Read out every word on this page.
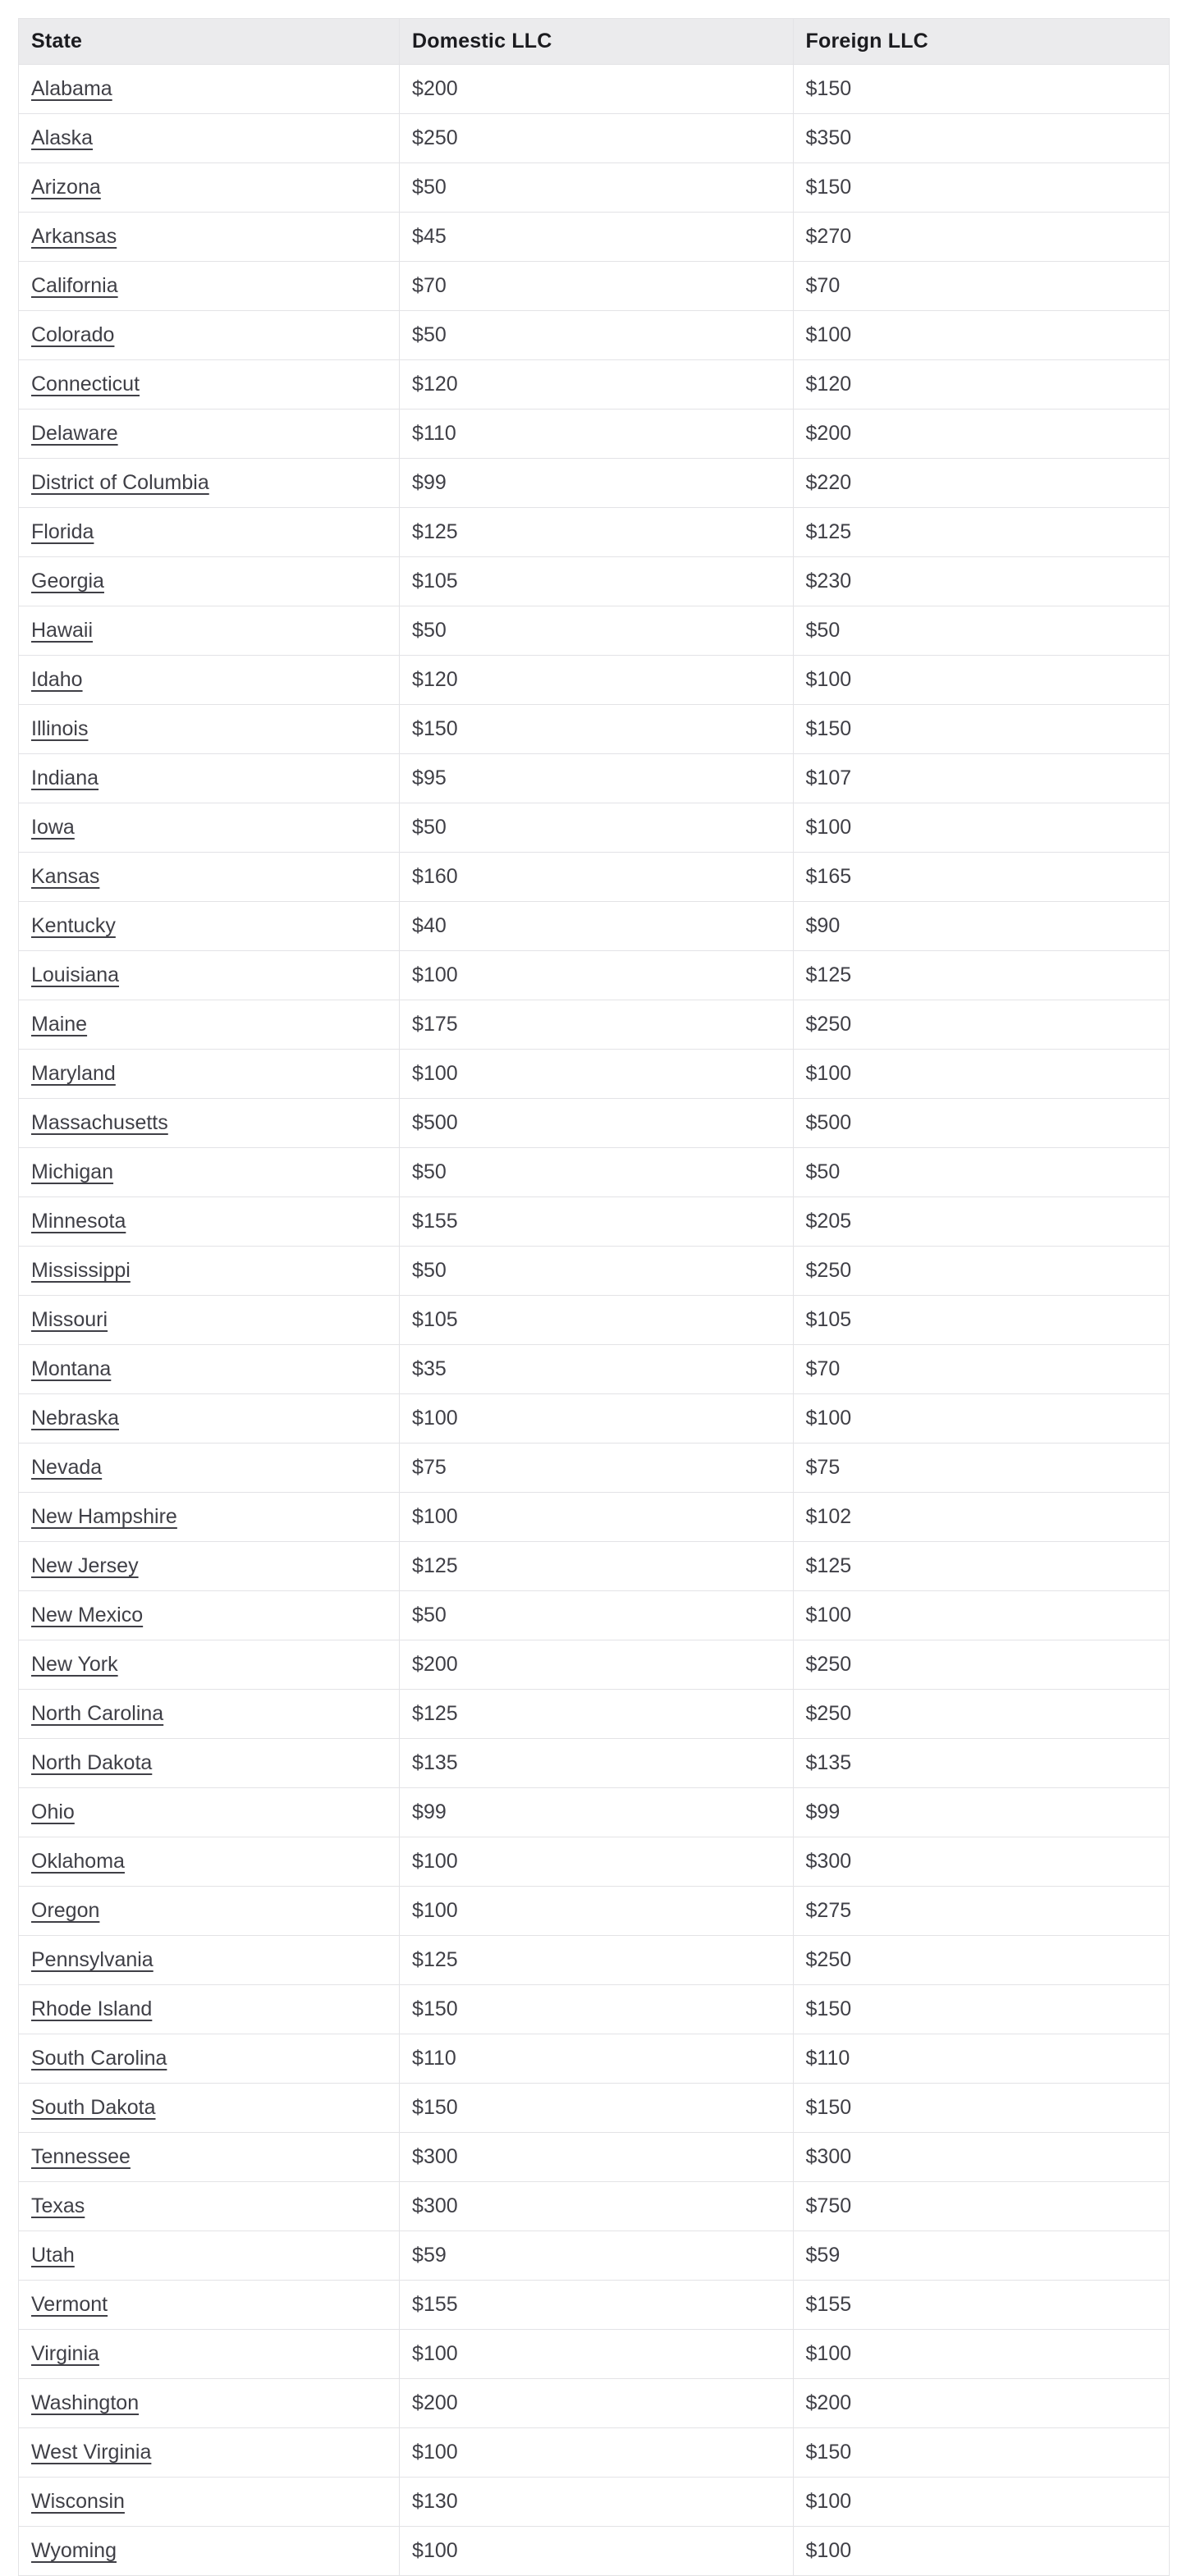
State	Domestic LLC	Foreign LLC
Alabama	$200	$150
Alaska	$250	$350
Arizona	$50	$150
Arkansas	$45	$270
California	$70	$70
Colorado	$50	$100
Connecticut	$120	$120
Delaware	$110	$200
District of Columbia	$99	$220
Florida	$125	$125
Georgia	$105	$230
Hawaii	$50	$50
Idaho	$120	$100
Illinois	$150	$150
Indiana	$95	$107
Iowa	$50	$100
Kansas	$160	$165
Kentucky	$40	$90
Louisiana	$100	$125
Maine	$175	$250
Maryland	$100	$100
Massachusetts	$500	$500
Michigan	$50	$50
Minnesota	$155	$205
Mississippi	$50	$250
Missouri	$105	$105
Montana	$35	$70
Nebraska	$100	$100
Nevada	$75	$75
New Hampshire	$100	$102
New Jersey	$125	$125
New Mexico	$50	$100
New York	$200	$250
North Carolina	$125	$250
North Dakota	$135	$135
Ohio	$99	$99
Oklahoma	$100	$300
Oregon	$100	$275
Pennsylvania	$125	$250
Rhode Island	$150	$150
South Carolina	$110	$110
South Dakota	$150	$150
Tennessee	$300	$300
Texas	$300	$750
Utah	$59	$59
Vermont	$155	$155
Virginia	$100	$100
Washington	$200	$200
West Virginia	$100	$150
Wisconsin	$130	$100
Wyoming	$100	$100
